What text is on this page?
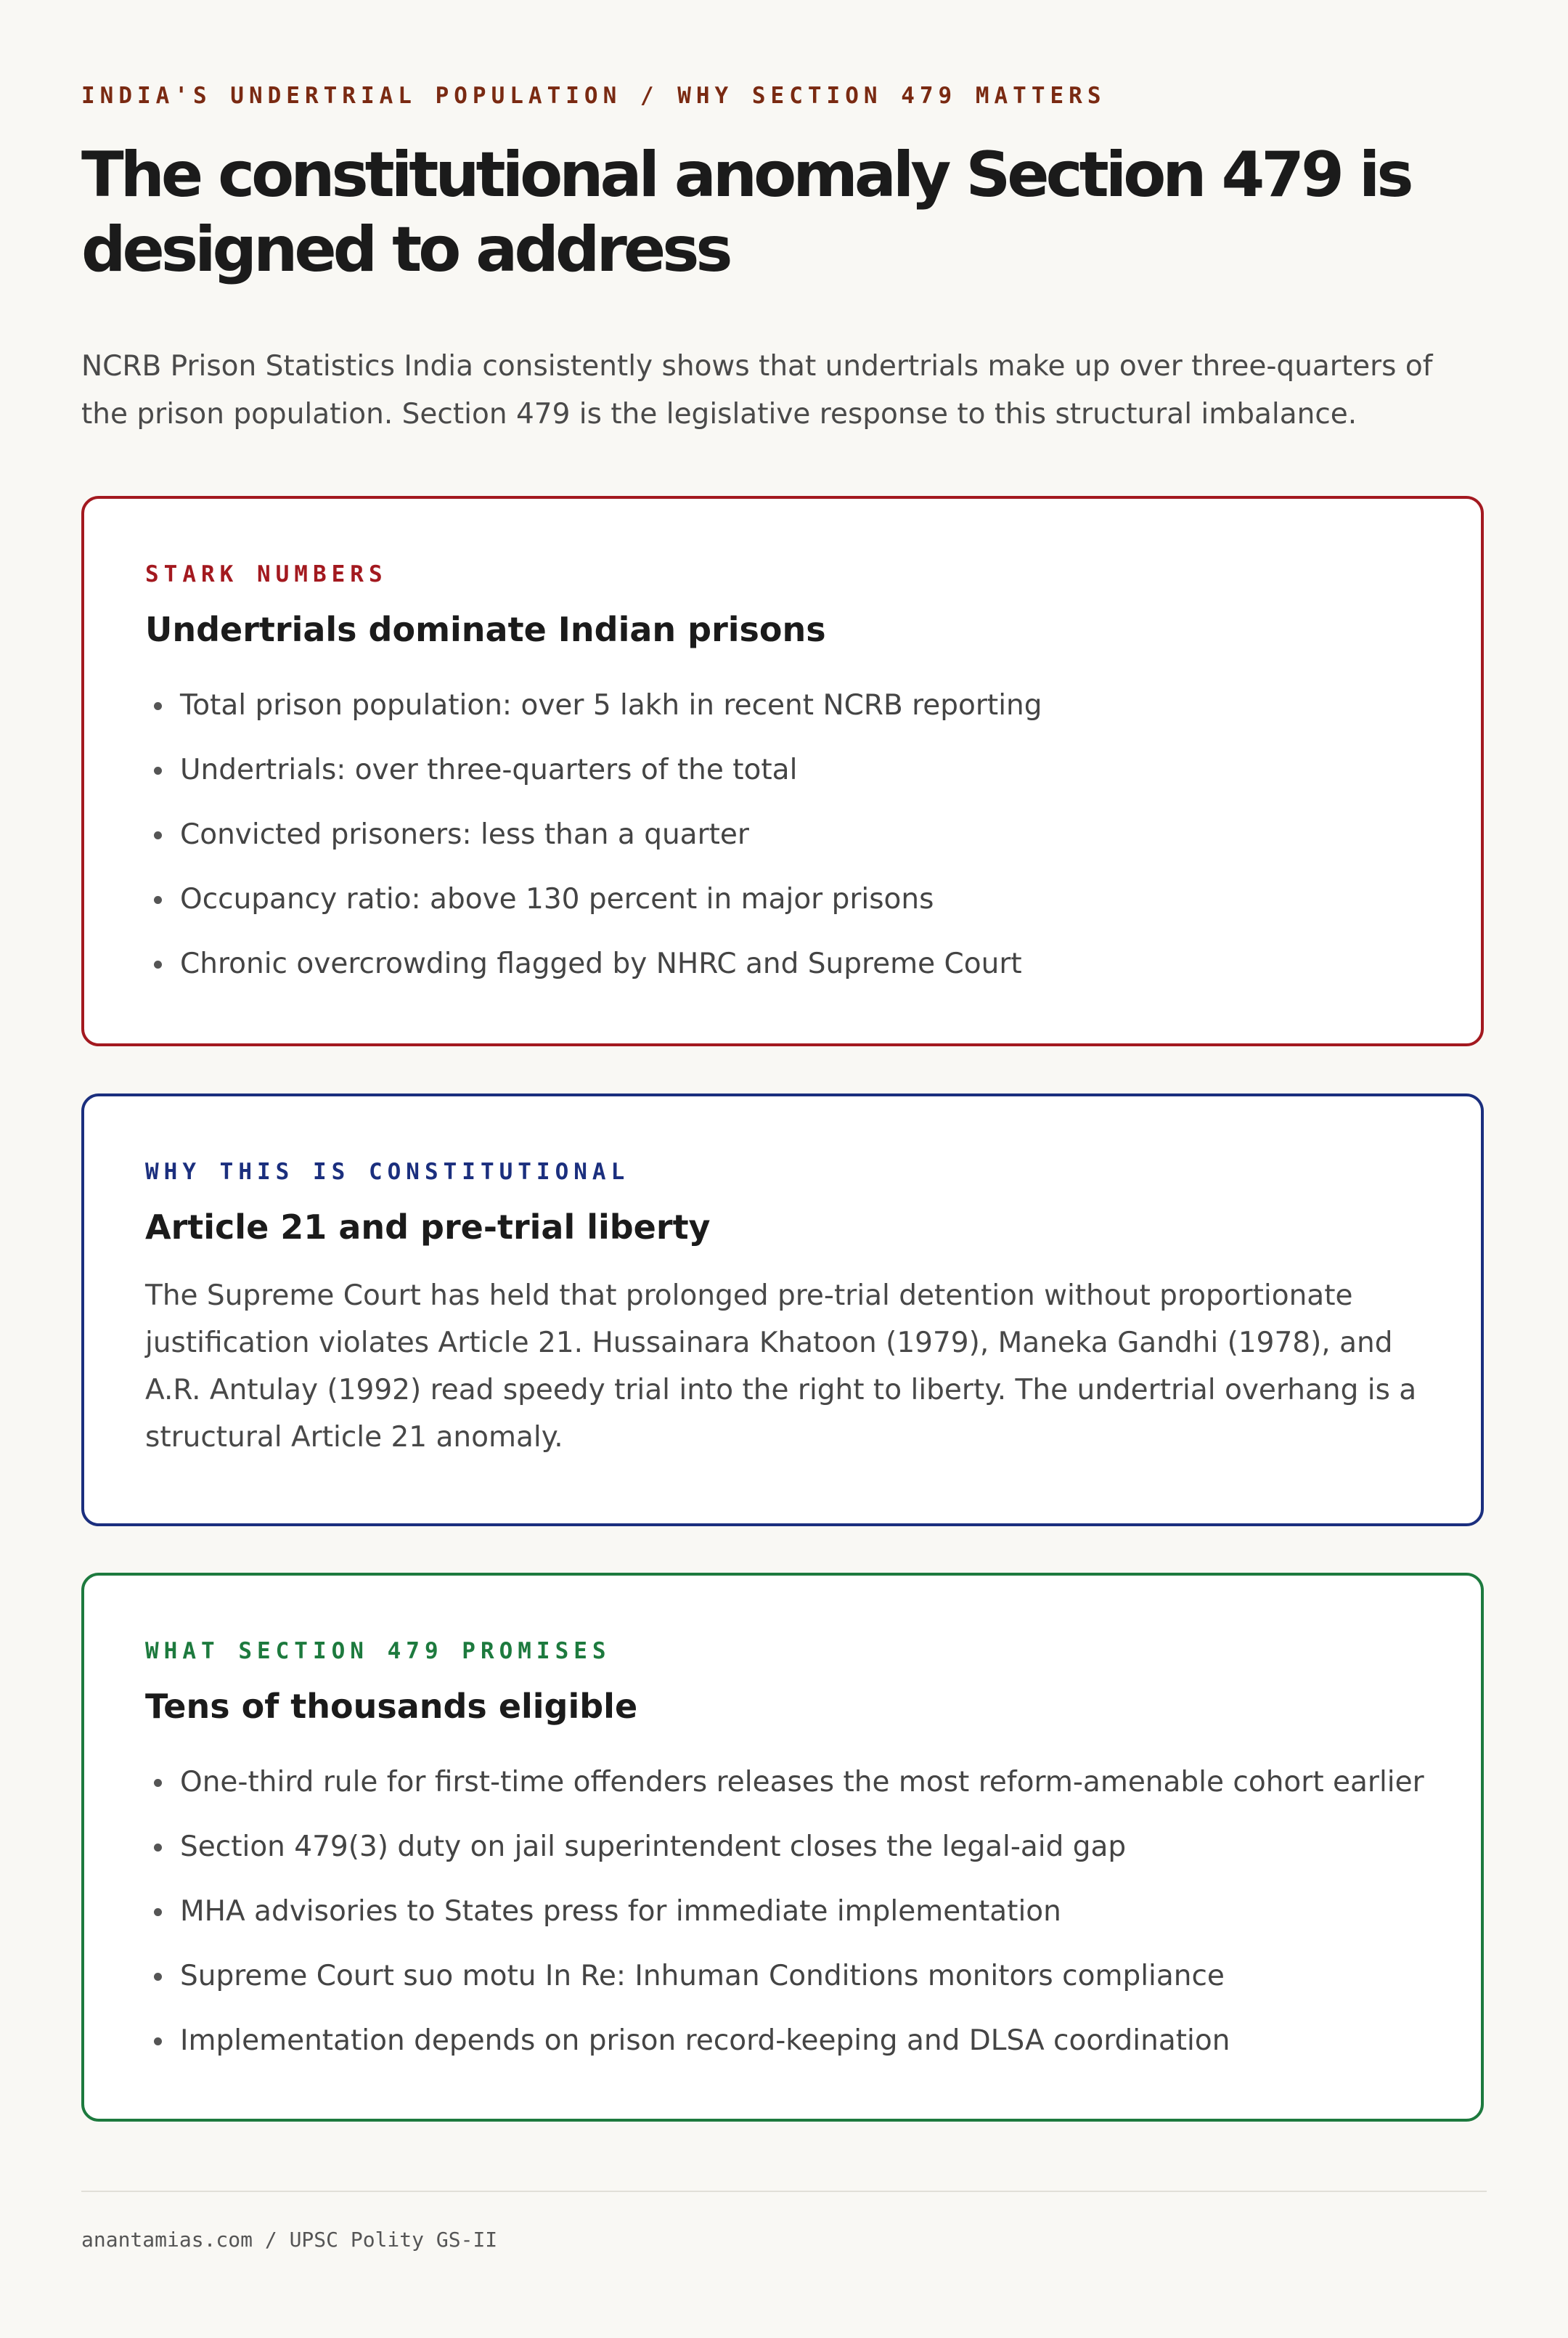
INDIA'S UNDERTRIAL POPULATION / WHY SECTION 479 MATTERS
The constitutional anomaly Section 479 is designed to address

NCRB Prison Statistics India consistently shows that undertrials make up over three-quarters of the prison population. Section 479 is the legislative response to this structural imbalance.

STARK NUMBERS
Undertrials dominate Indian prisons
Total prison population: over 5 lakh in recent NCRB reporting
Undertrials: over three-quarters of the total
Convicted prisoners: less than a quarter
Occupancy ratio: above 130 percent in major prisons
Chronic overcrowding flagged by NHRC and Supreme Court
WHY THIS IS CONSTITUTIONAL
Article 21 and pre-trial liberty

The Supreme Court has held that prolonged pre-trial detention without proportionate justification violates Article 21. Hussainara Khatoon (1979), Maneka Gandhi (1978), and A.R. Antulay (1992) read speedy trial into the right to liberty. The undertrial overhang is a structural Article 21 anomaly.

WHAT SECTION 479 PROMISES
Tens of thousands eligible
One-third rule for first-time offenders releases the most reform-amenable cohort earlier
Section 479(3) duty on jail superintendent closes the legal-aid gap
MHA advisories to States press for immediate implementation
Supreme Court suo motu In Re: Inhuman Conditions monitors compliance
Implementation depends on prison record-keeping and DLSA coordination
anantamias.com / UPSC Polity GS-II
